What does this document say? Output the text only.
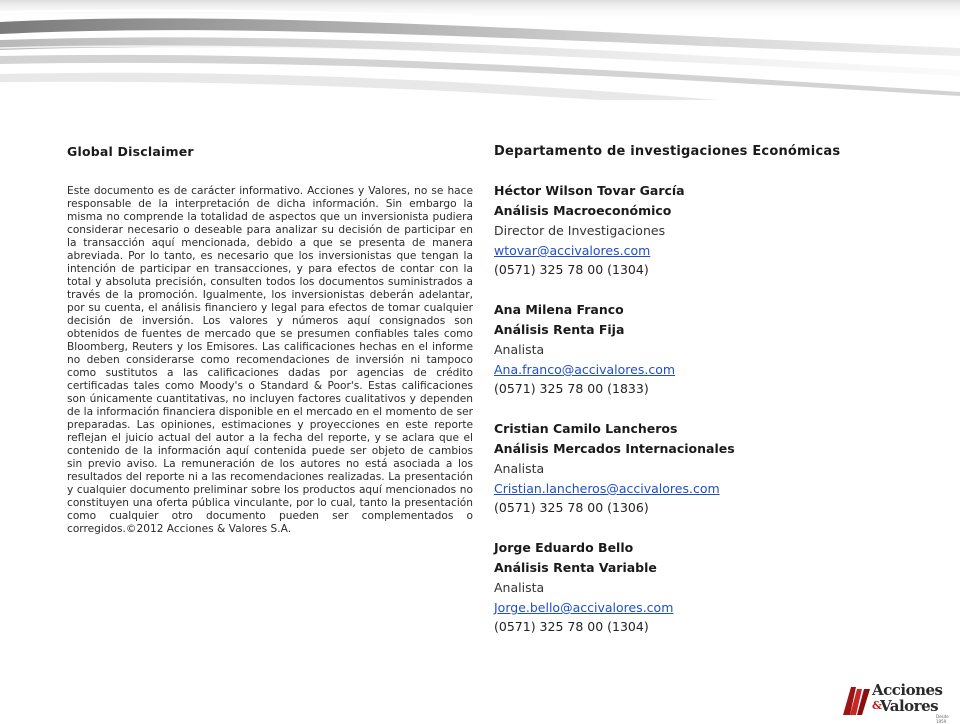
Global Disclaimer

Este documento es de carácter informativo. Acciones y Valores, no se hace responsable de la interpretación de dicha información. Sin embargo la misma no comprende la totalidad de aspectos que un inversionista pudiera considerar necesario o deseable para analizar su decisión de participar en la transacción aquí mencionada, debido a que se presenta de manera abreviada. Por lo tanto, es necesario que los inversionistas que tengan la intención de participar en transacciones, y para efectos de contar con la total y absoluta precisión, consulten todos los documentos suministrados a través de la promoción. Igualmente, los inversionistas deberán adelantar, por su cuenta, el análisis financiero y legal para efectos de tomar cualquier decisión de inversión. Los valores y números aquí consignados son obtenidos de fuentes de mercado que se presumen confiables tales como Bloomberg, Reuters y los Emisores. Las calificaciones hechas en el informe no deben considerarse como recomendaciones de inversión ni tampoco como sustitutos a las calificaciones dadas por agencias de crédito certificadas tales como Moody's o Standard & Poor's. Estas calificaciones son únicamente cuantitativas, no incluyen factores cualitativos y dependen de la información financiera disponible en el mercado en el momento de ser preparadas. Las opiniones, estimaciones y proyecciones en este reporte reflejan el juicio actual del autor a la fecha del reporte, y se aclara que el contenido de la información aquí contenida puede ser objeto de cambios sin previo aviso. La remuneración de los autores no está asociada a los resultados del reporte ni a las recomendaciones realizadas. La presentación y cualquier documento preliminar sobre los productos aquí mencionados no constituyen una oferta pública vinculante, por lo cual, tanto la presentación como cualquier otro documento pueden ser complementados o corregidos.©2012 Acciones & Valores S.A.

Departamento de investigaciones Económicas
Héctor Wilson Tovar García
Análisis Macroeconómico
Director de Investigaciones
wtovar@accivalores.com
(0571) 325 78 00 (1304)
Ana Milena Franco
Análisis Renta Fija
Analista
Ana.franco@accivalores.com
(0571) 325 78 00 (1833)
Cristian Camilo Lancheros
Análisis Mercados Internacionales
Analista
Cristian.lancheros@accivalores.com
(0571) 325 78 00 (1306)
Jorge Eduardo Bello
Análisis Renta Variable
Analista
Jorge.bello@accivalores.com
(0571) 325 78 00 (1304)
Acciones
&
Valores
Desde 1959
